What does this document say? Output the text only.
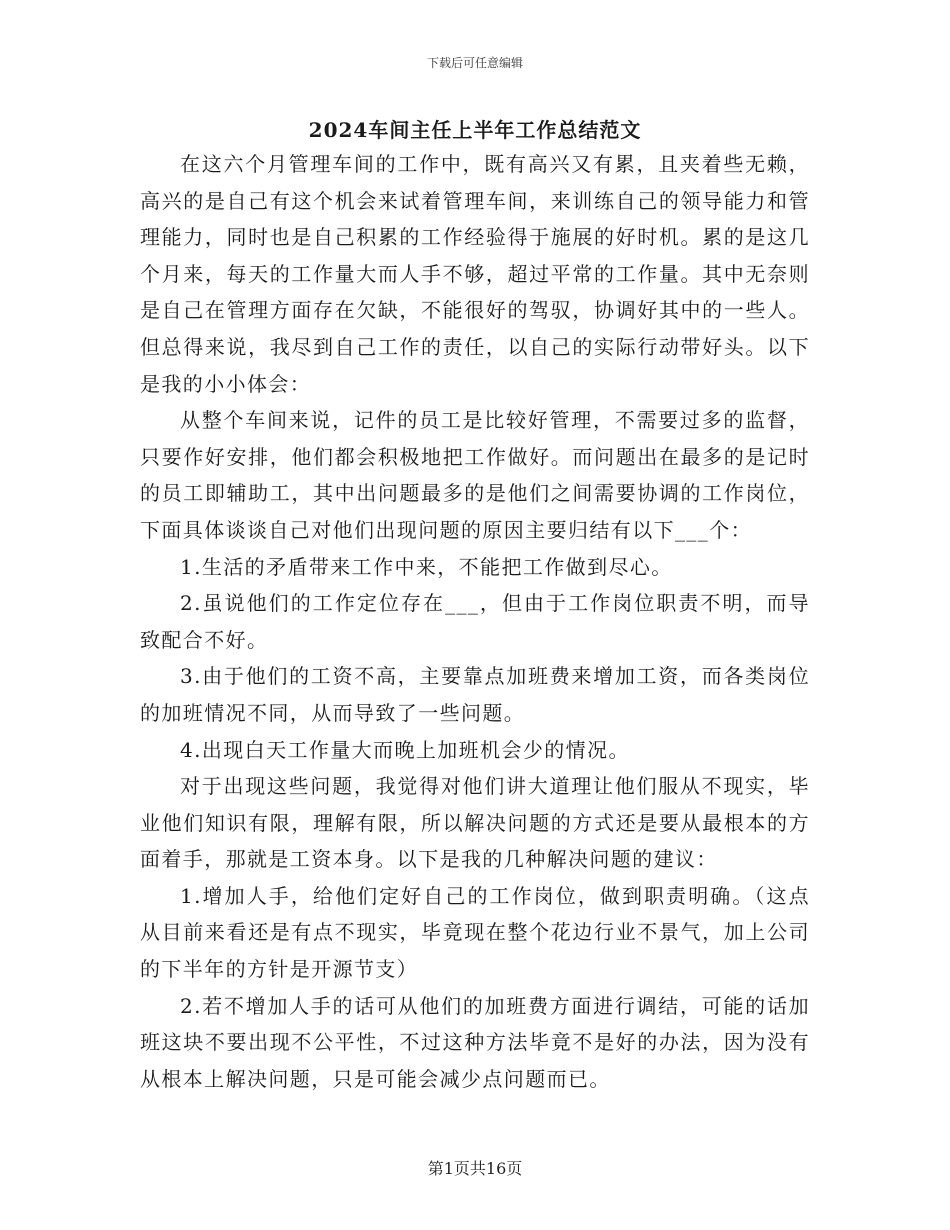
下载后可任意编辑
2024车间主任上半年工作总结范文

在这六个月管理车间的工作中，既有高兴又有累，且夹着些无赖，高兴的是自己有这个机会来试着管理车间，来训练自己的领导能力和管理能力，同时也是自己积累的工作经验得于施展的好时机。累的是这几个月来，每天的工作量大而人手不够，超过平常的工作量。其中无奈则是自己在管理方面存在欠缺，不能很好的驾驭，协调好其中的一些人。但总得来说，我尽到自己工作的责任，以自己的实际行动带好头。以下是我的小小体会：

从整个车间来说，记件的员工是比较好管理，不需要过多的监督，只要作好安排，他们都会积极地把工作做好。而问题出在最多的是记时的员工即辅助工，其中出问题最多的是他们之间需要协调的工作岗位，下面具体谈谈自己对他们出现问题的原因主要归结有以下___个：

1.生活的矛盾带来工作中来，不能把工作做到尽心。

2.虽说他们的工作定位存在___，但由于工作岗位职责不明，而导致配合不好。

3.由于他们的工资不高，主要靠点加班费来增加工资，而各类岗位的加班情况不同，从而导致了一些问题。

4.出现白天工作量大而晚上加班机会少的情况。

对于出现这些问题，我觉得对他们讲大道理让他们服从不现实，毕业他们知识有限，理解有限，所以解决问题的方式还是要从最根本的方面着手，那就是工资本身。以下是我的几种解决问题的建议：

1.增加人手，给他们定好自己的工作岗位，做到职责明确。（这点从目前来看还是有点不现实，毕竟现在整个花边行业不景气，加上公司的下半年的方针是开源节支）

2.若不增加人手的话可从他们的加班费方面进行调结，可能的话加班这块不要出现不公平性，不过这种方法毕竟不是好的办法，因为没有从根本上解决问题，只是可能会减少点问题而已。

第1页共16页
